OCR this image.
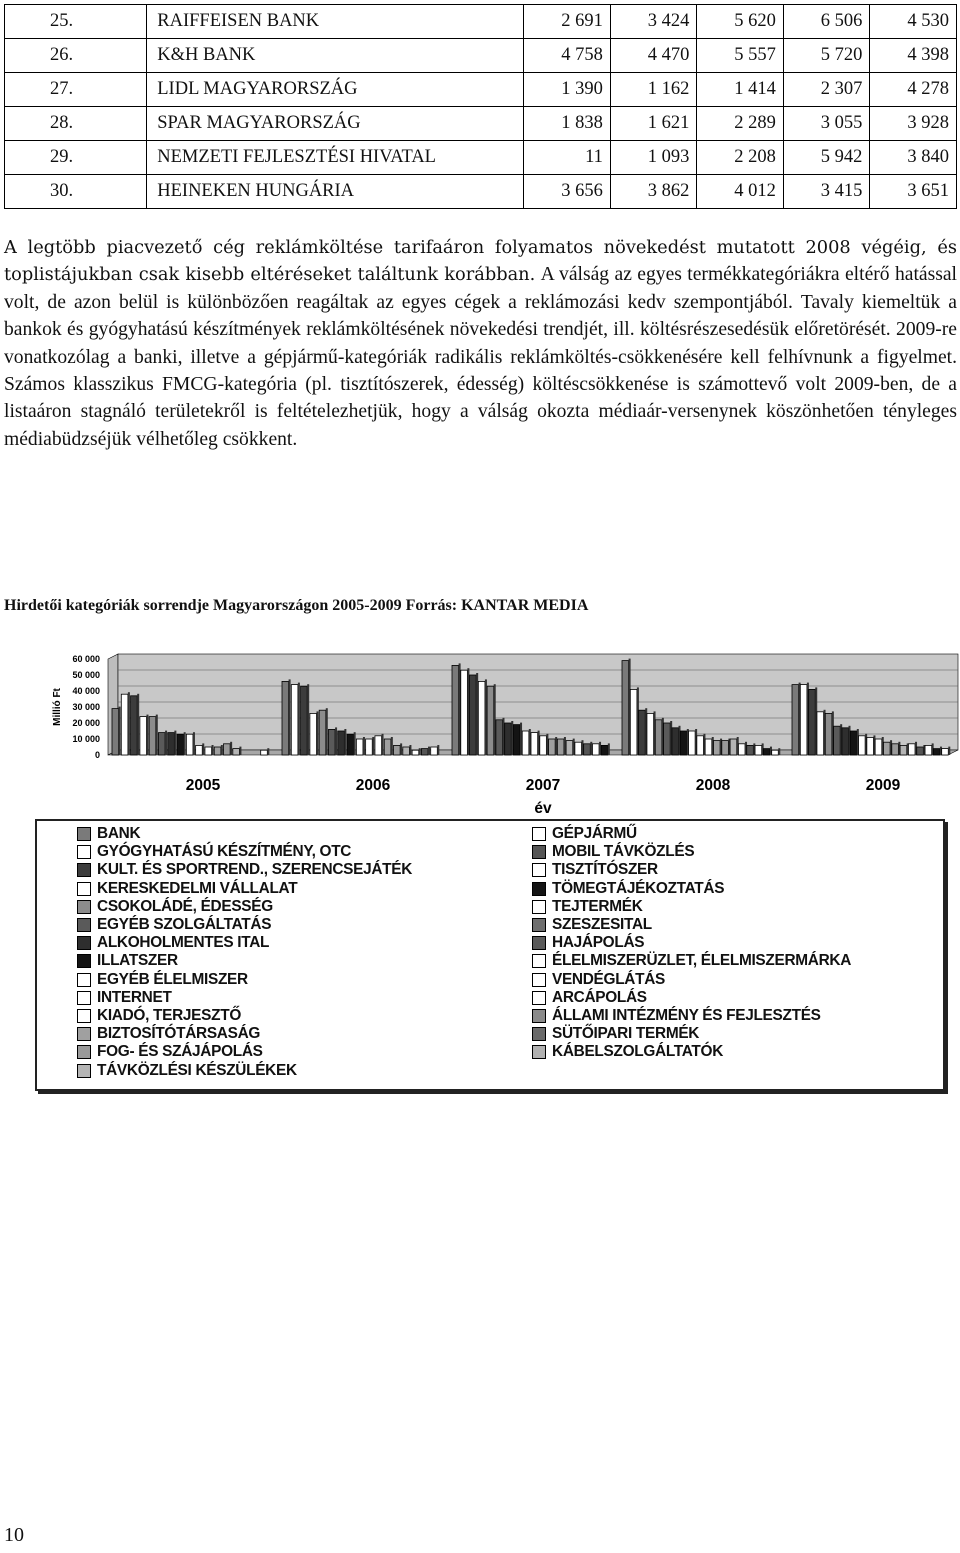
25.	RAIFFEISEN BANK	2 691	3 424	5 620	6 506	4 530
26.	K&H BANK	4 758	4 470	5 557	5 720	4 398
27.	LIDL MAGYARORSZÁG	1 390	1 162	1 414	2 307	4 278
28.	SPAR MAGYARORSZÁG	1 838	1 621	2 289	3 055	3 928
29.	NEMZETI FEJLESZTÉSI HIVATAL	11	1 093	2 208	5 942	3 840
30.	HEINEKEN HUNGÁRIA	3 656	3 862	4 012	3 415	3 651

A legtöbb piacvezető cég reklámköltése tarifaáron folyamatos növekedést mutatott 2008 végéig, és toplistájukban csak kisebb eltéréseket találtunk korábban. A válság az egyes termékkategóriákra eltérő hatással volt, de azon belül is különbözően reagáltak az egyes cégek a reklámozási kedv szempontjából. Tavaly kiemeltük a bankok és gyógyhatású készítmények reklámköltésének növekedési trendjét, ill. költésrészesedésük előretörését. 2009-re vonatkozólag a banki, illetve a gépjármű-kategóriák radikális reklámköltés-csökkenésére kell felhívnunk a figyelmet. Számos klasszikus FMCG-kategória (pl. tisztítószerek, édesség) költéscsökkenése is számottevő volt 2009-ben, de a listaáron stagnáló területekről is feltételezhetjük, hogy a válság okozta médiaár-versenynek köszönhetően tényleges médiabüdzséjük vélhetőleg csökkent.

Hirdetői kategóriák sorrendje Magyarországon 2005-2009 Forrás: KANTAR MEDIA
60 000
50 000
40 000
30 000
20 000
10 000
0
Millió Ft
2005	2006	2007	2008	2009
év
BANK
GYÓGYHATÁSÚ KÉSZÍTMÉNY, OTC
KULT. ÉS SPORTREND., SZERENCSEJÁTÉK
KERESKEDELMI VÁLLALAT
CSOKOLÁDÉ, ÉDESSÉG
EGYÉB SZOLGÁLTATÁS
ALKOHOLMENTES ITAL
ILLATSZER
EGYÉB ÉLELMISZER
INTERNET
KIADÓ, TERJESZTŐ
BIZTOSÍTÓTÁRSASÁG
FOG- ÉS SZÁJÁPOLÁS
TÁVKÖZLÉSI KÉSZÜLÉKEK
GÉPJÁRMŰ
MOBIL TÁVKÖZLÉS
TISZTÍTÓSZER
TÖMEGTÁJÉKOZTATÁS
TEJTERMÉK
SZESZESITAL
HAJÁPOLÁS
ÉLELMISZERÜZLET, ÉLELMISZERMÁRKA
VENDÉGLÁTÁS
ARCÁPOLÁS
ÁLLAMI INTÉZMÉNY ÉS FEJLESZTÉS
SÜTŐIPARI TERMÉK
KÁBELSZOLGÁLTATÓK
10
